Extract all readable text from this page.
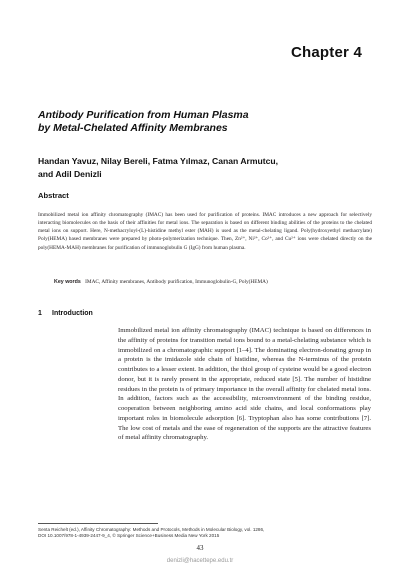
Chapter 4
Antibody Purification from Human Plasma
by Metal-Chelated Affinity Membranes
Handan Yavuz, Nilay Bereli, Fatma Yılmaz, Canan Armutcu,
and Adil Denizli
Abstract
Immobilized metal ion affinity chromatography (IMAC) has been used for purification of proteins. IMAC introduces a new approach for selectively interacting biomolecules on the basis of their affinities for metal ions. The separation is based on different binding abilities of the proteins to the chelated metal ions on support. Here, N-methacryloyl-(L)-histidine methyl ester (MAH) is used as the metal-chelating ligand. Poly(hydroxyethyl methacrylate) Poly(HEMA) based membranes were prepared by photo-polymerization technique. Then, Zn²⁺, Ni²⁺, Co²⁺, and Cu²⁺ ions were chelated directly on the poly(HEMA-MAH) membranes for purification of immunoglobulin G (IgG) from human plasma.
Key words IMAC, Affinity membranes, Antibody purification, Immunoglobulin-G, Poly(HEMA)
1 Introduction
Immobilized metal ion affinity chromatography (IMAC) technique is based on differences in the affinity of proteins for transition metal ions bound to a metal-chelating substance which is immobilized on a chromatographic support [1–4]. The dominating electron-donating group in a protein is the imidazole side chain of histidine, whereas the N-terminus of the protein contributes to a lesser extent. In addition, the thiol group of cysteine would be a good electron donor, but it is rarely present in the appropriate, reduced state [5]. The number of histidine residues in the protein is of primary importance in the overall affinity for chelated metal ions. In addition, factors such as the accessibility, microenvironment of the binding residue, cooperation between neighboring amino acid side chains, and local conformations play important roles in biomolecule adsorption [6]. Tryptophan also has some contributions [7]. The low cost of metals and the ease of regeneration of the supports are the attractive features of metal affinity chromatography.
Senta Reichelt (ed.), Affinity Chromatography: Methods and Protocols, Methods in Molecular Biology, vol. 1286,
DOI 10.1007/978-1-4939-2447-9_4, © Springer Science+Business Media New York 2015
43
denizli@hacettepe.edu.tr
